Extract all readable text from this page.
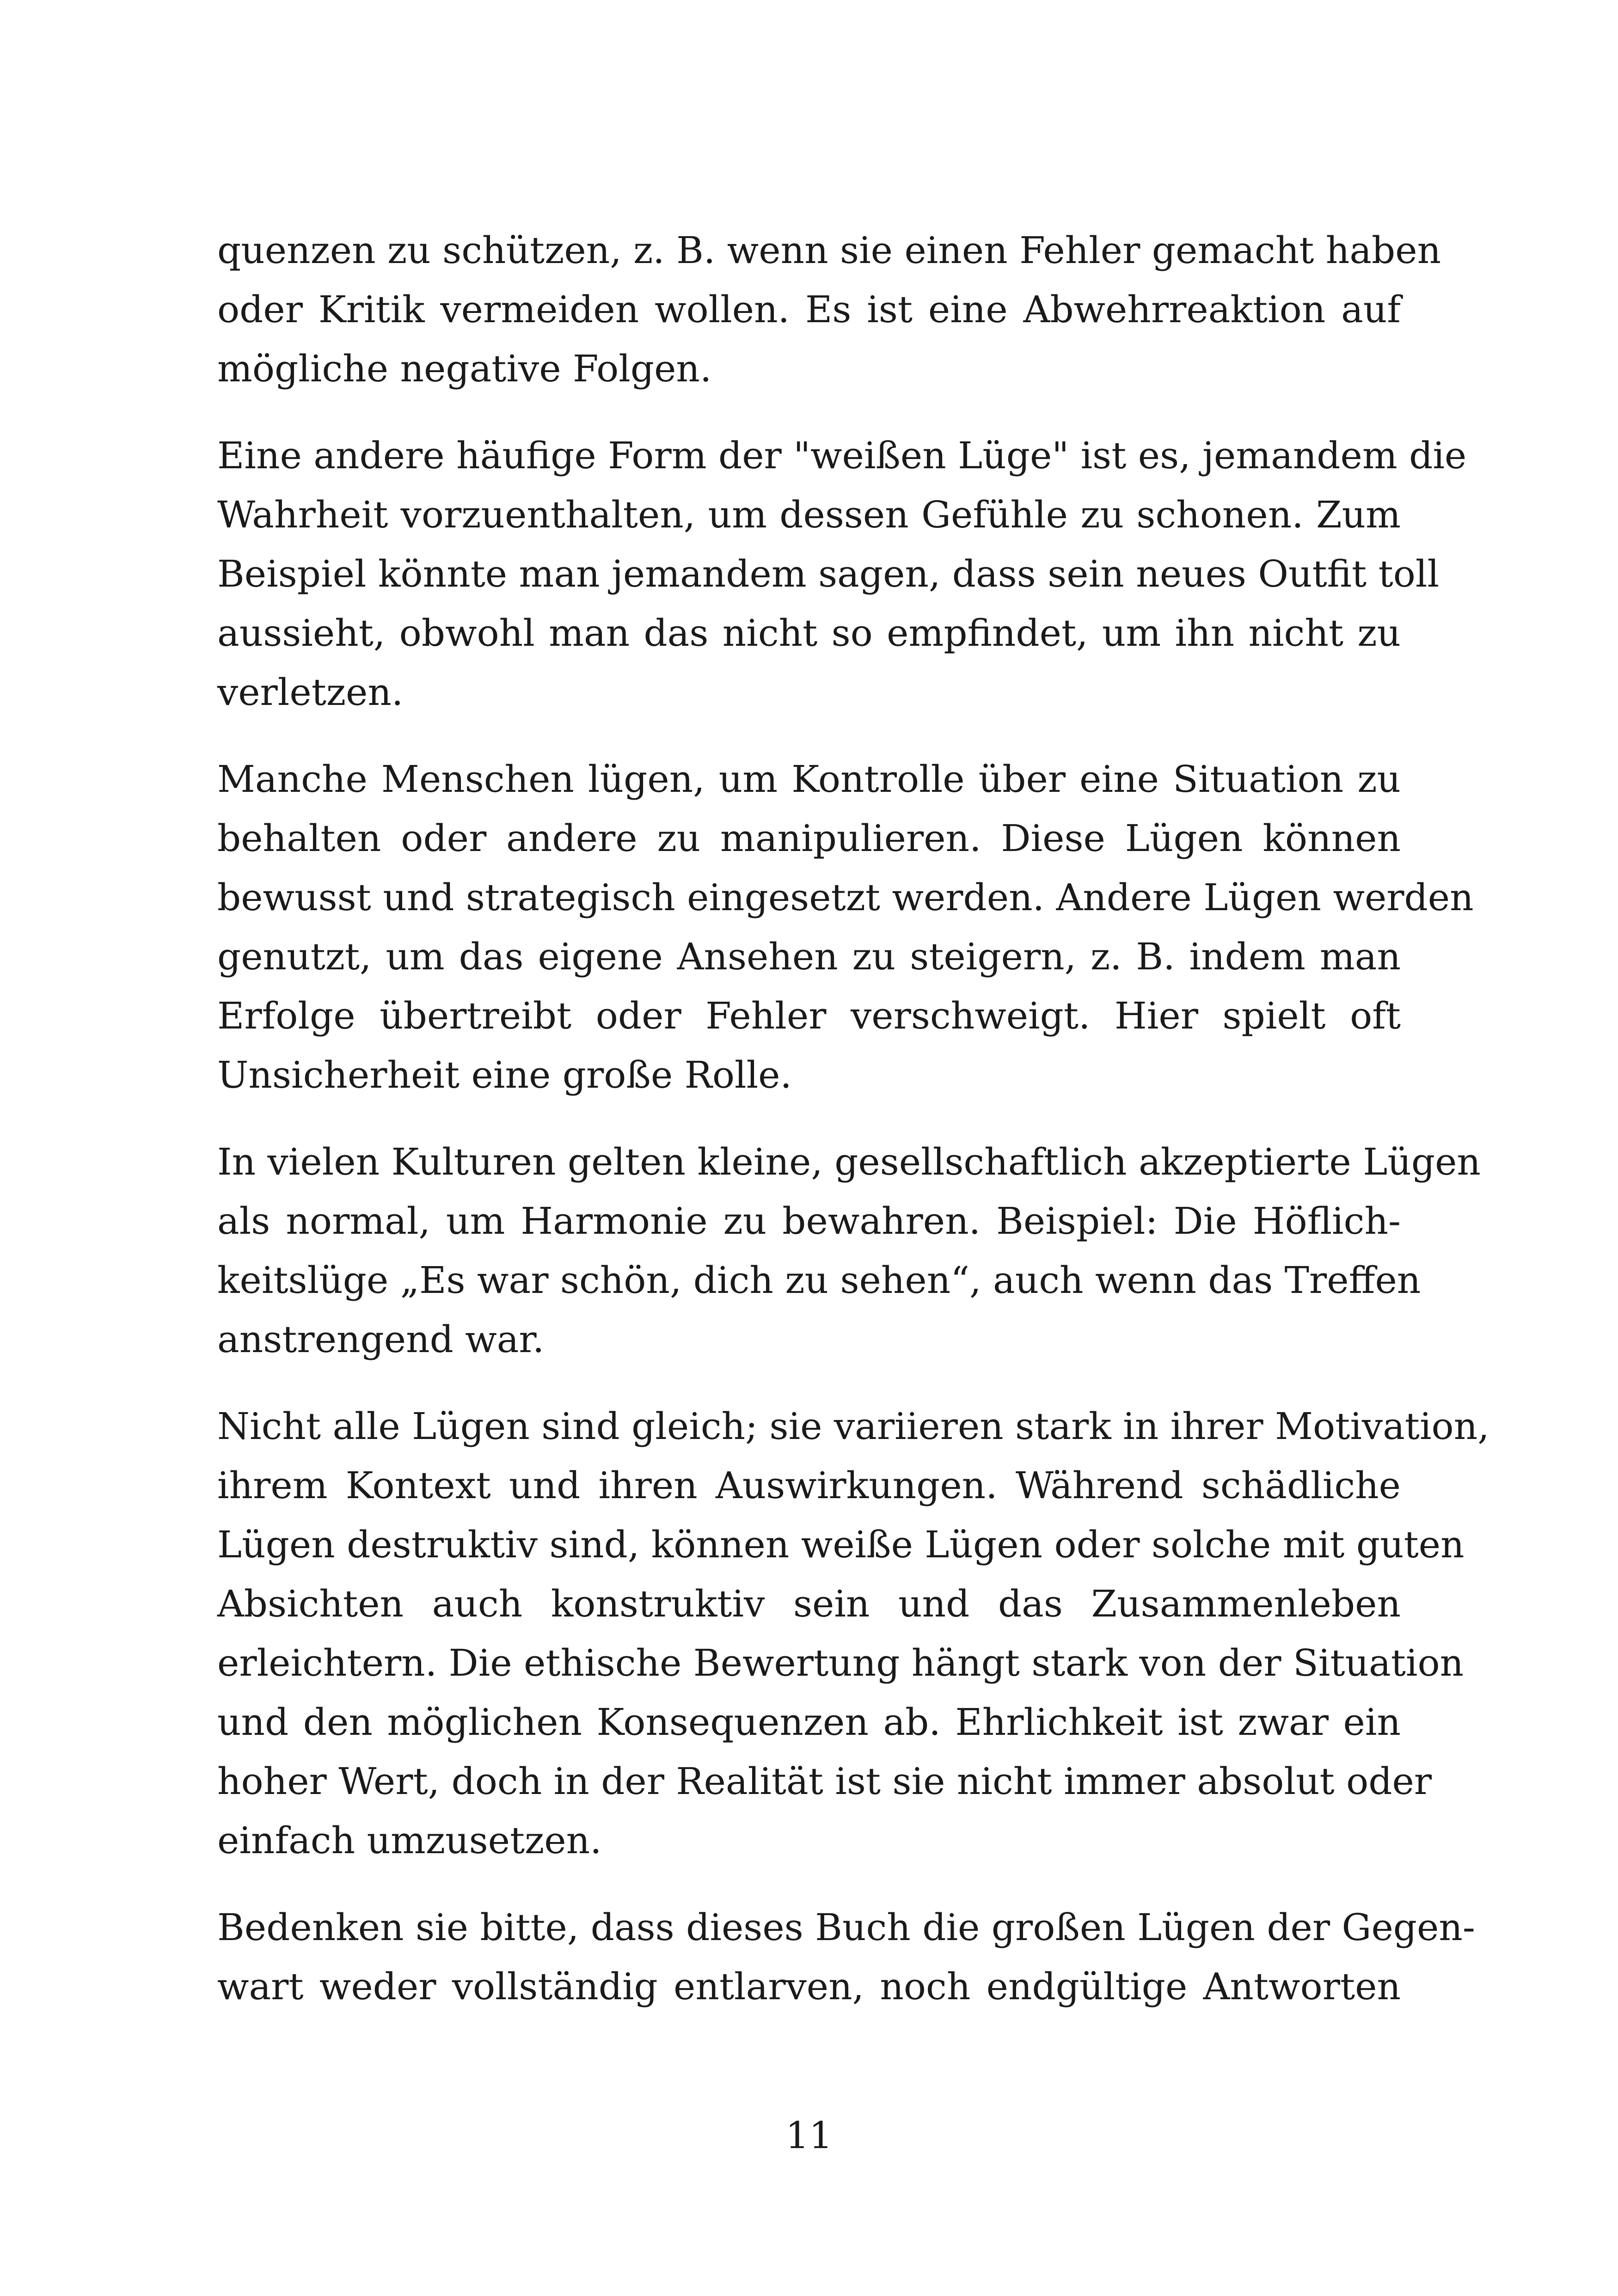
quenzen zu schützen, z. B. wenn sie einen Fehler gemacht haben
oder Kritik vermeiden wollen. Es ist eine Abwehrreaktion auf
mögliche negative Folgen.

Eine andere häufige Form der "weißen Lüge" ist es, jemandem die
Wahrheit vorzuenthalten, um dessen Gefühle zu schonen. Zum
Beispiel könnte man jemandem sagen, dass sein neues Outfit toll
aussieht, obwohl man das nicht so empfindet, um ihn nicht zu
verletzen.

Manche Menschen lügen, um Kontrolle über eine Situation zu
behalten oder andere zu manipulieren. Diese Lügen können
bewusst und strategisch eingesetzt werden. Andere Lügen werden
genutzt, um das eigene Ansehen zu steigern, z. B. indem man
Erfolge übertreibt oder Fehler verschweigt. Hier spielt oft
Unsicherheit eine große Rolle.

In vielen Kulturen gelten kleine, gesellschaftlich akzeptierte Lügen
als normal, um Harmonie zu bewahren. Beispiel: Die Höflich-
keitslüge „Es war schön, dich zu sehen“, auch wenn das Treffen
anstrengend war.

Nicht alle Lügen sind gleich; sie variieren stark in ihrer Motivation,
ihrem Kontext und ihren Auswirkungen. Während schädliche
Lügen destruktiv sind, können weiße Lügen oder solche mit guten
Absichten auch konstruktiv sein und das Zusammenleben
erleichtern. Die ethische Bewertung hängt stark von der Situation
und den möglichen Konsequenzen ab. Ehrlichkeit ist zwar ein
hoher Wert, doch in der Realität ist sie nicht immer absolut oder
einfach umzusetzen.

Bedenken sie bitte, dass dieses Buch die großen Lügen der Gegen-
wart weder vollständig entlarven, noch endgültige Antworten

11
